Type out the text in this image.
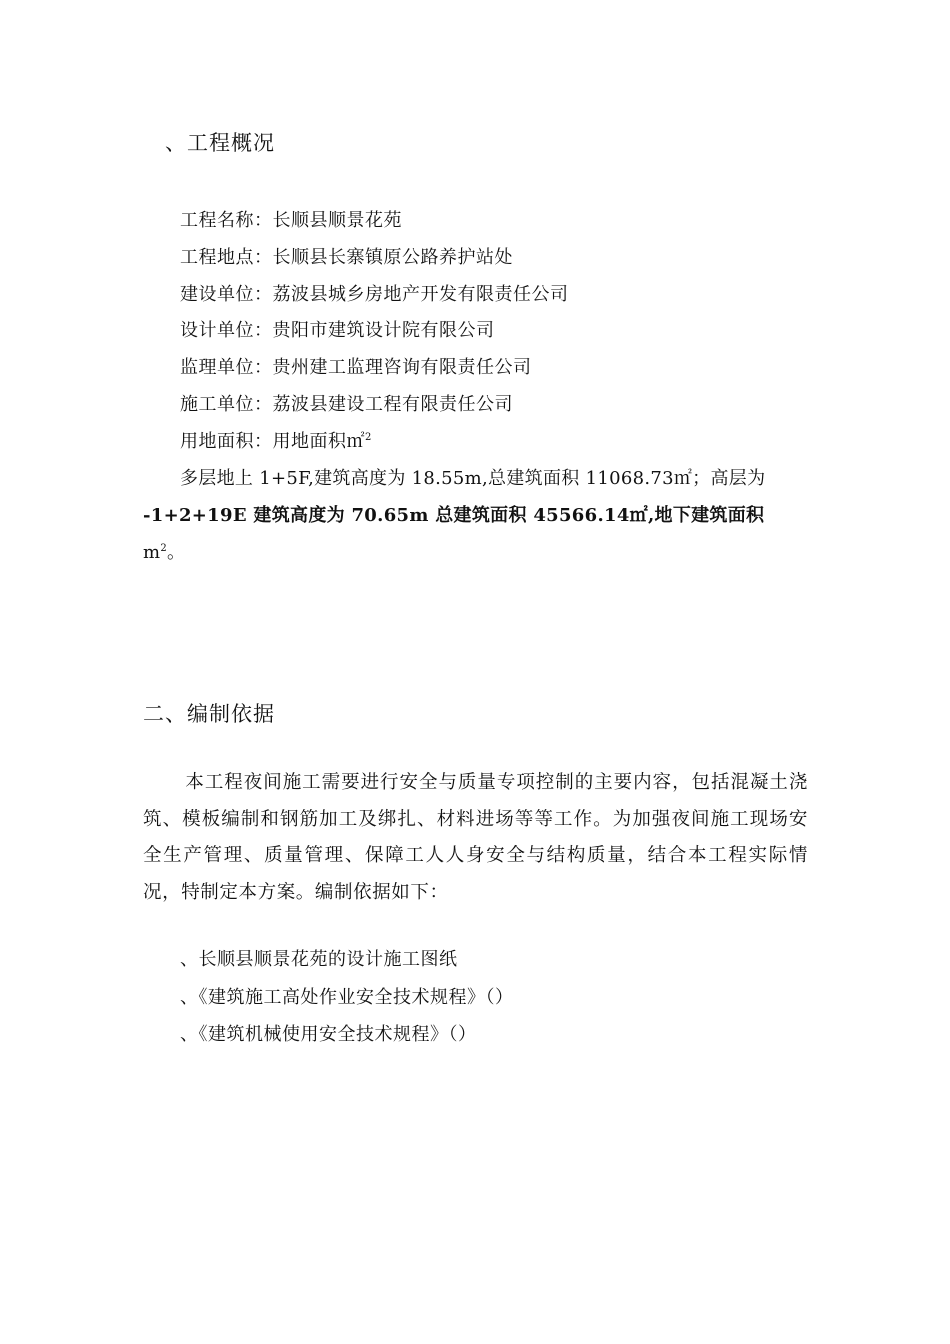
、工程概况
工程名称：长顺县顺景花苑
工程地点：长顺县长寨镇原公路养护站处
建设单位：荔波县城乡房地产开发有限责任公司
设计单位：贵阳市建筑设计院有限公司
监理单位：贵州建工监理咨询有限责任公司
施工单位：荔波县建设工程有限责任公司
用地面积：用地面积㎡$^2$
多层地上 1+5F,建筑高度为 18.55m,总建筑面积 11068.73㎡；高层为
-1+2+19E 建筑高度为 70.65m 总建筑面积 45566.14㎡,地下建筑面积
$m^2$。
二、编制依据
本工程夜间施工需要进行安全与质量专项控制的主要内容，包括混凝土浇筑、模板编制和钢筋加工及绑扎、材料进场等等工作。为加强夜间施工现场安全生产管理、质量管理、保障工人人身安全与结构质量，结合本工程实际情况，特制定本方案。编制依据如下：
、长顺县顺景花苑的设计施工图纸
、《建筑施工高处作业安全技术规程》（）
、《建筑机械使用安全技术规程》（）
